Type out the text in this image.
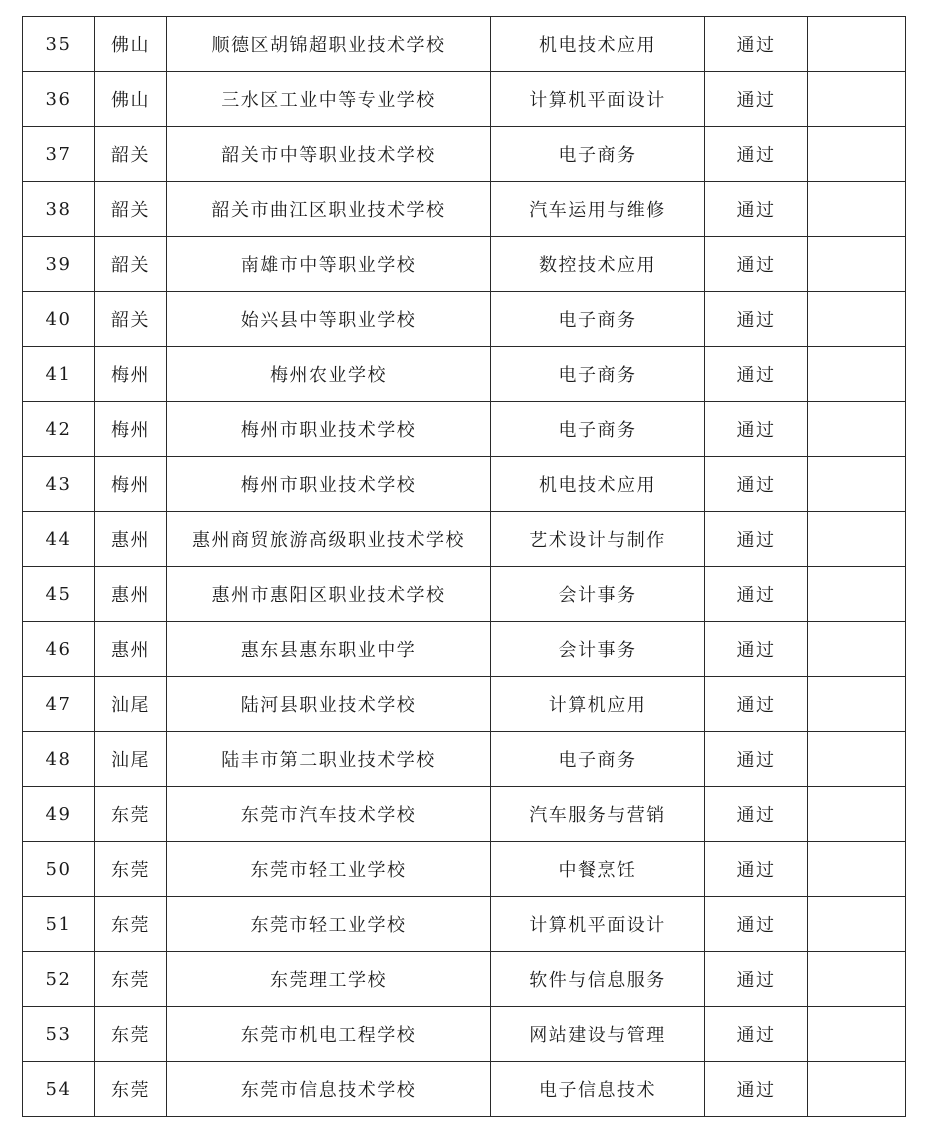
35	佛山	顺德区胡锦超职业技术学校	机电技术应用	通过	
36	佛山	三水区工业中等专业学校	计算机平面设计	通过	
37	韶关	韶关市中等职业技术学校	电子商务	通过	
38	韶关	韶关市曲江区职业技术学校	汽车运用与维修	通过	
39	韶关	南雄市中等职业学校	数控技术应用	通过	
40	韶关	始兴县中等职业学校	电子商务	通过	
41	梅州	梅州农业学校	电子商务	通过	
42	梅州	梅州市职业技术学校	电子商务	通过	
43	梅州	梅州市职业技术学校	机电技术应用	通过	
44	惠州	惠州商贸旅游高级职业技术学校	艺术设计与制作	通过	
45	惠州	惠州市惠阳区职业技术学校	会计事务	通过	
46	惠州	惠东县惠东职业中学	会计事务	通过	
47	汕尾	陆河县职业技术学校	计算机应用	通过	
48	汕尾	陆丰市第二职业技术学校	电子商务	通过	
49	东莞	东莞市汽车技术学校	汽车服务与营销	通过	
50	东莞	东莞市轻工业学校	中餐烹饪	通过	
51	东莞	东莞市轻工业学校	计算机平面设计	通过	
52	东莞	东莞理工学校	软件与信息服务	通过	
53	东莞	东莞市机电工程学校	网站建设与管理	通过	
54	东莞	东莞市信息技术学校	电子信息技术	通过	
